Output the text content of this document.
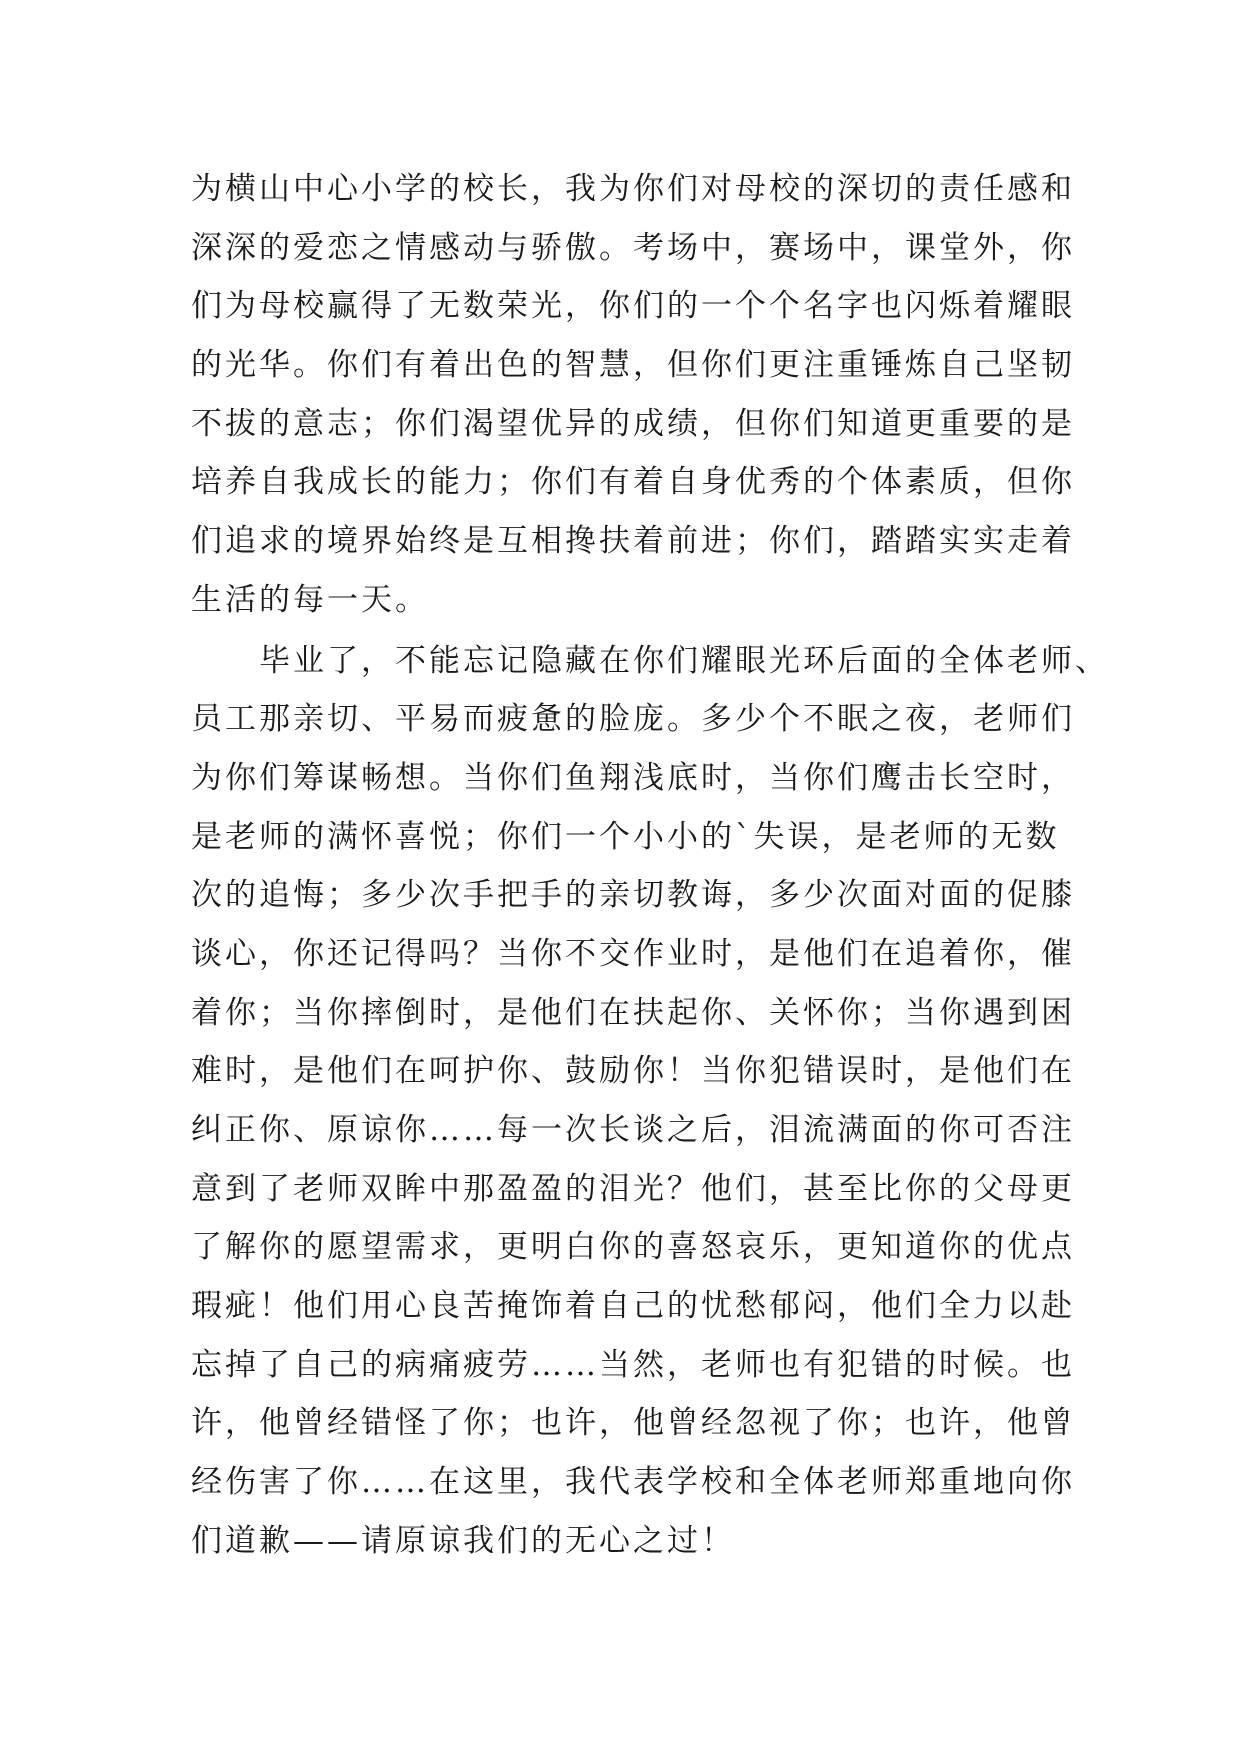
为横山中心小学的校长，我为你们对母校的深切的责任感和
深深的爱恋之情感动与骄傲。考场中，赛场中，课堂外，你
们为母校赢得了无数荣光，你们的一个个名字也闪烁着耀眼
的光华。你们有着出色的智慧，但你们更注重锤炼自己坚韧
不拔的意志；你们渴望优异的成绩，但你们知道更重要的是
培养自我成长的能力；你们有着自身优秀的个体素质，但你
们追求的境界始终是互相搀扶着前进；你们，踏踏实实走着
生活的每一天。
　　毕业了，不能忘记隐藏在你们耀眼光环后面的全体老师、
员工那亲切、平易而疲惫的脸庞。多少个不眠之夜，老师们
为你们筹谋畅想。当你们鱼翔浅底时，当你们鹰击长空时，
是老师的满怀喜悦；你们一个小小的`失误，是老师的无数
次的追悔；多少次手把手的亲切教诲，多少次面对面的促膝
谈心，你还记得吗？当你不交作业时，是他们在追着你，催
着你；当你摔倒时，是他们在扶起你、关怀你；当你遇到困
难时，是他们在呵护你、鼓励你！当你犯错误时，是他们在
纠正你、原谅你……每一次长谈之后，泪流满面的你可否注
意到了老师双眸中那盈盈的泪光？他们，甚至比你的父母更
了解你的愿望需求，更明白你的喜怒哀乐，更知道你的优点
瑕疵！他们用心良苦掩饰着自己的忧愁郁闷，他们全力以赴
忘掉了自己的病痛疲劳……当然，老师也有犯错的时候。也
许，他曾经错怪了你；也许，他曾经忽视了你；也许，他曾
经伤害了你……在这里，我代表学校和全体老师郑重地向你
们道歉——请原谅我们的无心之过！
